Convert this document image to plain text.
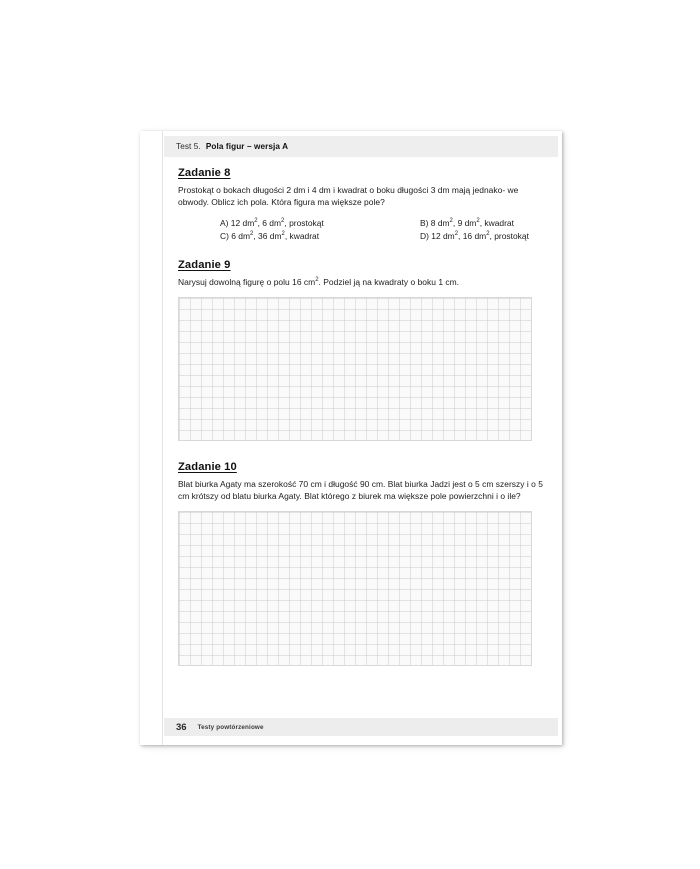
Test 5. Pola figur – wersja A
Zadanie 8

Prostokąt o bokach długości 2 dm i 4 dm i kwadrat o boku długości 3 dm mają jednako- we obwody. Oblicz ich pola. Która figura ma większe pole?

A) 12 $dm^2$, 6 $dm^2$, prostokąt	B) 8 $dm^2$, 9 $dm^2$, kwadrat
C) 6 $dm^2$, 36 $dm^2$, kwadrat	D) 12 $dm^2$, 16 $dm^2$, prostokąt
Zadanie 9

Narysuj dowolną figurę o polu 16 $cm^2$. Podziel ją na kwadraty o boku 1 cm.

Zadanie 10

Blat biurka Agaty ma szerokość 70 cm i długość 90 cm. Blat biurka Jadzi jest o 5 cm szerszy i o 5 cm krótszy od blatu biurka Agaty. Blat którego z biurek ma większe pole powierzchni i o ile?

36 Testy powtórzeniowe
